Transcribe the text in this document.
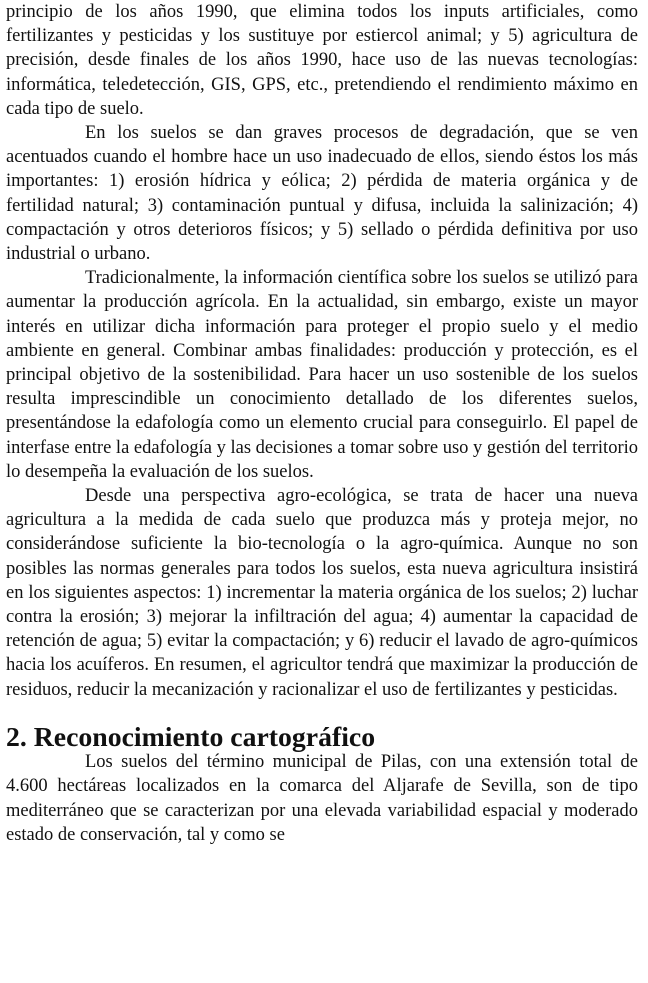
principio de los años 1990, que elimina todos los inputs artificiales, como fertilizantes y pesticidas y los sustituye por estiercol animal; y 5) agricultura de precisión, desde finales de los años 1990, hace uso de las nuevas tecnologías: informática, teledetección, GIS, GPS, etc., pretendiendo el rendimiento máximo en cada tipo de suelo.

En los suelos se dan graves procesos de degradación, que se ven acentuados cuando el hombre hace un uso inadecuado de ellos, siendo éstos los más importantes: 1) erosión hídrica y eólica; 2) pérdida de materia orgánica y de fertilidad natural; 3) contaminación puntual y difusa, incluida la salinización; 4) compactación y otros deterioros físicos; y 5) sellado o pérdida definitiva por uso industrial o urbano.

Tradicionalmente, la información científica sobre los suelos se utilizó para aumentar la producción agrícola. En la actualidad, sin embargo, existe un mayor interés en utilizar dicha información para proteger el propio suelo y el medio ambiente en general. Combinar ambas finalidades: producción y protección, es el principal objetivo de la sostenibilidad. Para hacer un uso sostenible de los suelos resulta imprescindible un conocimiento detallado de los diferentes suelos, presentándose la edafología como un elemento crucial para conseguirlo. El papel de interfase entre la edafología y las decisiones a tomar sobre uso y gestión del territorio lo desempeña la evaluación de los suelos.

Desde una perspectiva agro-ecológica, se trata de hacer una nueva agricultura a la medida de cada suelo que produzca más y proteja mejor, no considerándose suficiente la bio-tecnología o la agro-química. Aunque no son posibles las normas generales para todos los suelos, esta nueva agricultura insistirá en los siguientes aspectos: 1) incrementar la materia orgánica de los suelos; 2) luchar contra la erosión; 3) mejorar la infiltración del agua; 4) aumentar la capacidad de retención de agua; 5) evitar la compactación; y 6) reducir el lavado de agro-químicos hacia los acuíferos. En resumen, el agricultor tendrá que maximizar la producción de residuos, reducir la mecanización y racionalizar el uso de fertilizantes y pesticidas.

2. Reconocimiento cartográfico

Los suelos del término municipal de Pilas, con una extensión total de 4.600 hectáreas localizados en la comarca del Aljarafe de Sevilla, son de tipo mediterráneo que se caracterizan por una elevada variabilidad espacial y moderado estado de conservación, tal y como se
